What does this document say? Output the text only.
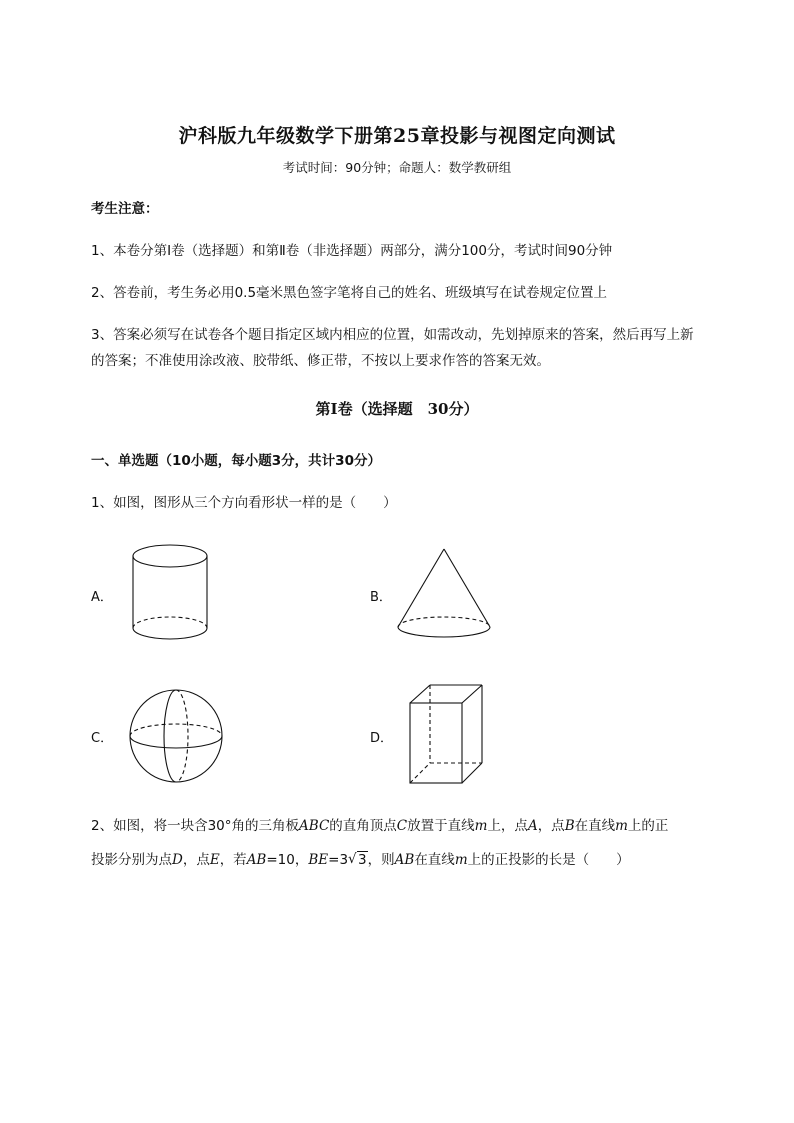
沪科版九年级数学下册第25章投影与视图定向测试
考试时间：90分钟；命题人：数学教研组
考生注意：
1、本卷分第I卷（选择题）和第Ⅱ卷（非选择题）两部分，满分100分，考试时间90分钟
2、答卷前，考生务必用0.5毫米黑色签字笔将自己的姓名、班级填写在试卷规定位置上
3、答案必须写在试卷各个题目指定区域内相应的位置，如需改动，先划掉原来的答案，然后再写上新
的答案；不准使用涂改液、胶带纸、修正带，不按以上要求作答的答案无效。
第I卷（选择题　30分）
一、单选题（10小题，每小题3分，共计30分）
1、如图，图形从三个方向看形状一样的是（　　）
A．	B．
C．	D．
2、如图，将一块含30°角的三角板ABC的直角顶点C放置于直线m上，点A，点B在直线m上的正
投影分别为点D，点E，若AB=10，BE=3√ 3，则AB在直线m上的正投影的长是（　　）
